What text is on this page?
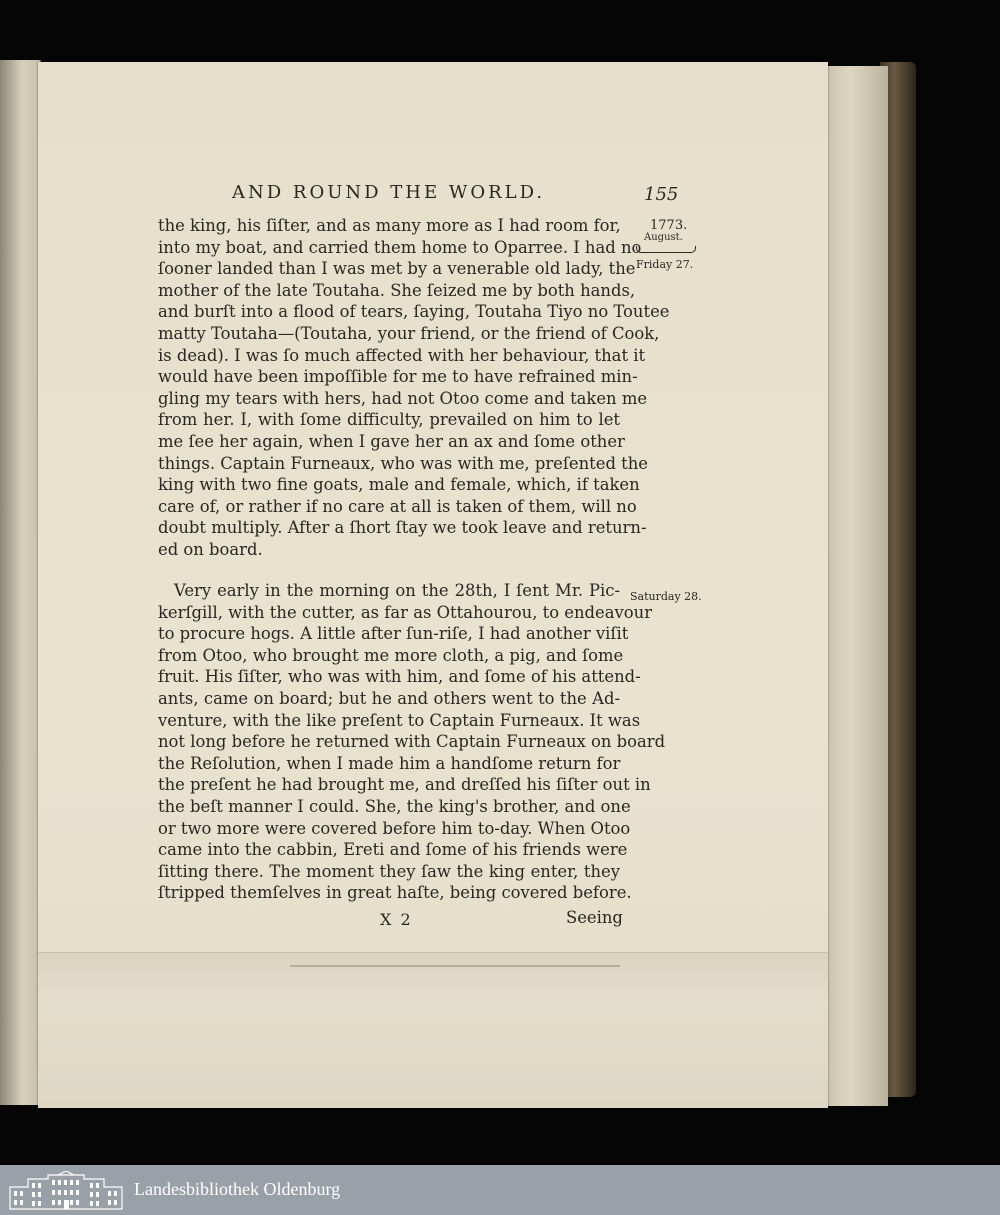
AND ROUND THE WORLD.	155
1773.
August.
Friday 27.
Saturday 28.
the king, his ſiſter, and as many more as I had room for,
into my boat, and carried them home to Oparree. I had no
ſooner landed than I was met by a venerable old lady, the
mother of the late Toutaha. She ſeized me by both hands,
and burſt into a flood of tears, ſaying, Toutaha Tiyo no Toutee
matty Toutaha—(Toutaha, your friend, or the friend of Cook,
is dead). I was ſo much affected with her behaviour, that it
would have been impoſſible for me to have refrained min-
gling my tears with hers, had not Otoo come and taken me
from her. I, with ſome difficulty, prevailed on him to let
me ſee her again, when I gave her an ax and ſome other
things. Captain Furneaux, who was with me, preſented the
king with two fine goats, male and female, which, if taken
care of, or rather if no care at all is taken of them, will no
doubt multiply. After a ſhort ſtay we took leave and return-
ed on board.
Very early in the morning on the 28th, I ſent Mr. Pic-
kerſgill, with the cutter, as far as Ottahourou, to endeavour
to procure hogs. A little after ſun-riſe, I had another viſit
from Otoo, who brought me more cloth, a pig, and ſome
fruit. His ſiſter, who was with him, and ſome of his attend-
ants, came on board; but he and others went to the Ad-
venture, with the like preſent to Captain Furneaux. It was
not long before he returned with Captain Furneaux on board
the Reſolution, when I made him a handſome return for
the preſent he had brought me, and dreſſed his ſiſter out in
the beſt manner I could. She, the king's brother, and one
or two more were covered before him to-day. When Otoo
came into the cabbin, Ereti and ſome of his friends were
ſitting there. The moment they ſaw the king enter, they
ſtripped themſelves in great haſte, being covered before.
X 2	Seeing
Landesbibliothek Oldenburg
